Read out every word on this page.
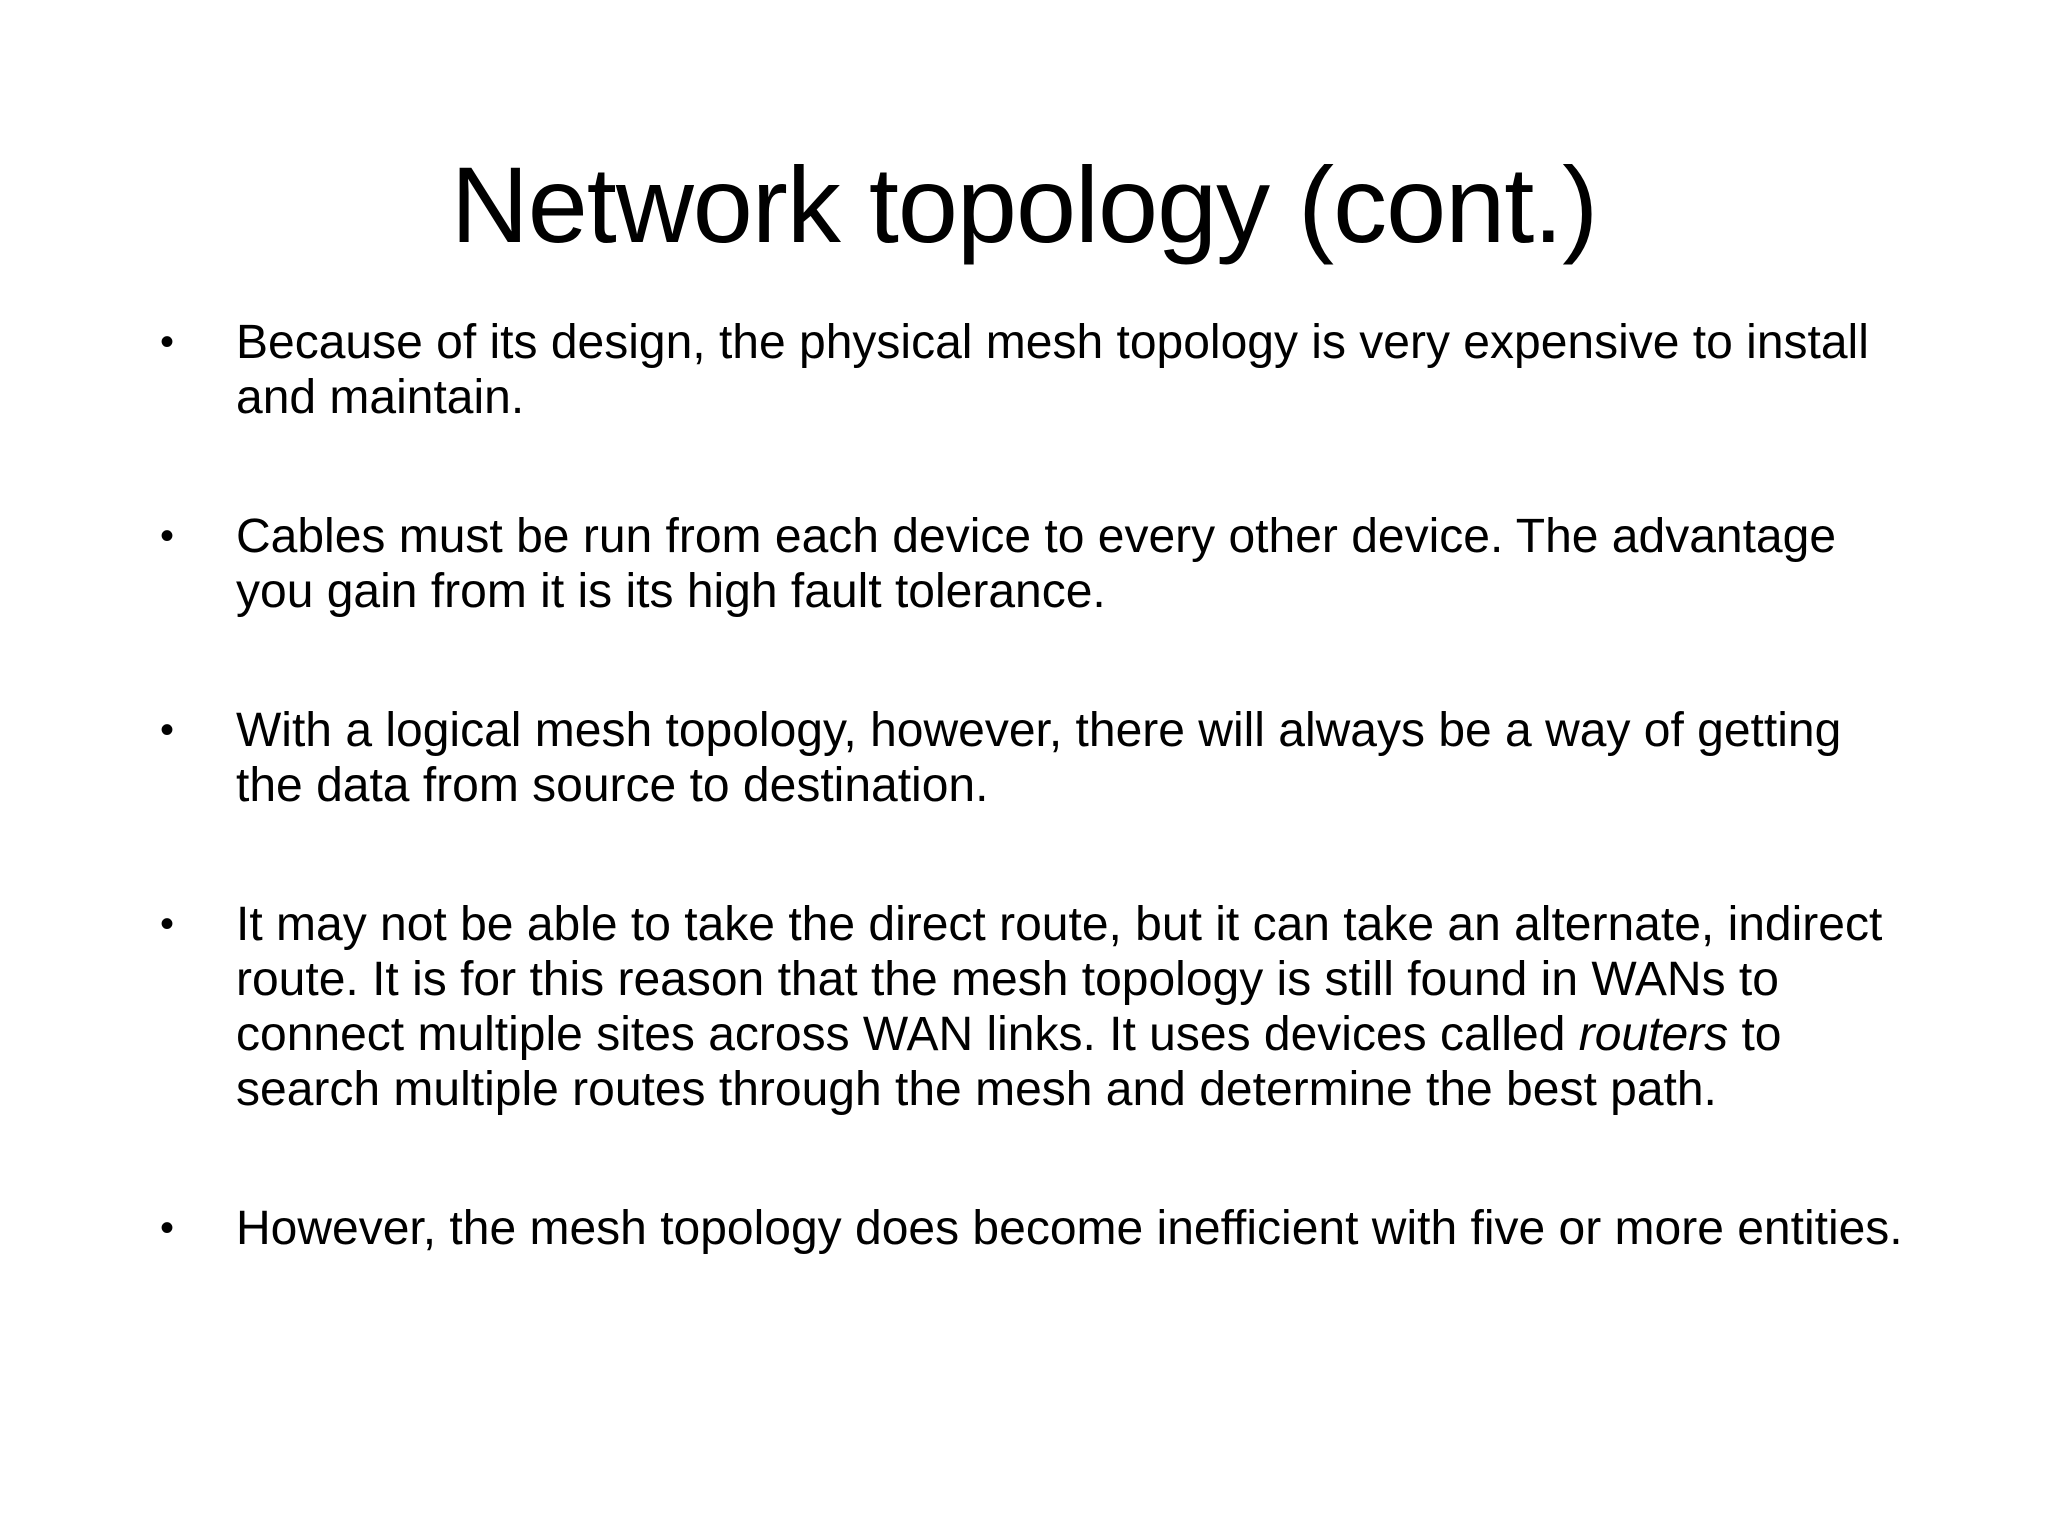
Network topology (cont.)
• Because of its design, the physical mesh topology is very expensive to install and maintain.
• Cables must be run from each device to every other device. The advantage you gain from it is its high fault tolerance.
• With a logical mesh topology, however, there will always be a way of getting the data from source to destination.
• It may not be able to take the direct route, but it can take an alternate, indirect route. It is for this reason that the mesh topology is still found in WANs to connect multiple sites across WAN links. It uses devices called routers to search multiple routes through the mesh and determine the best path.
• However, the mesh topology does become inefficient with five or more entities.
